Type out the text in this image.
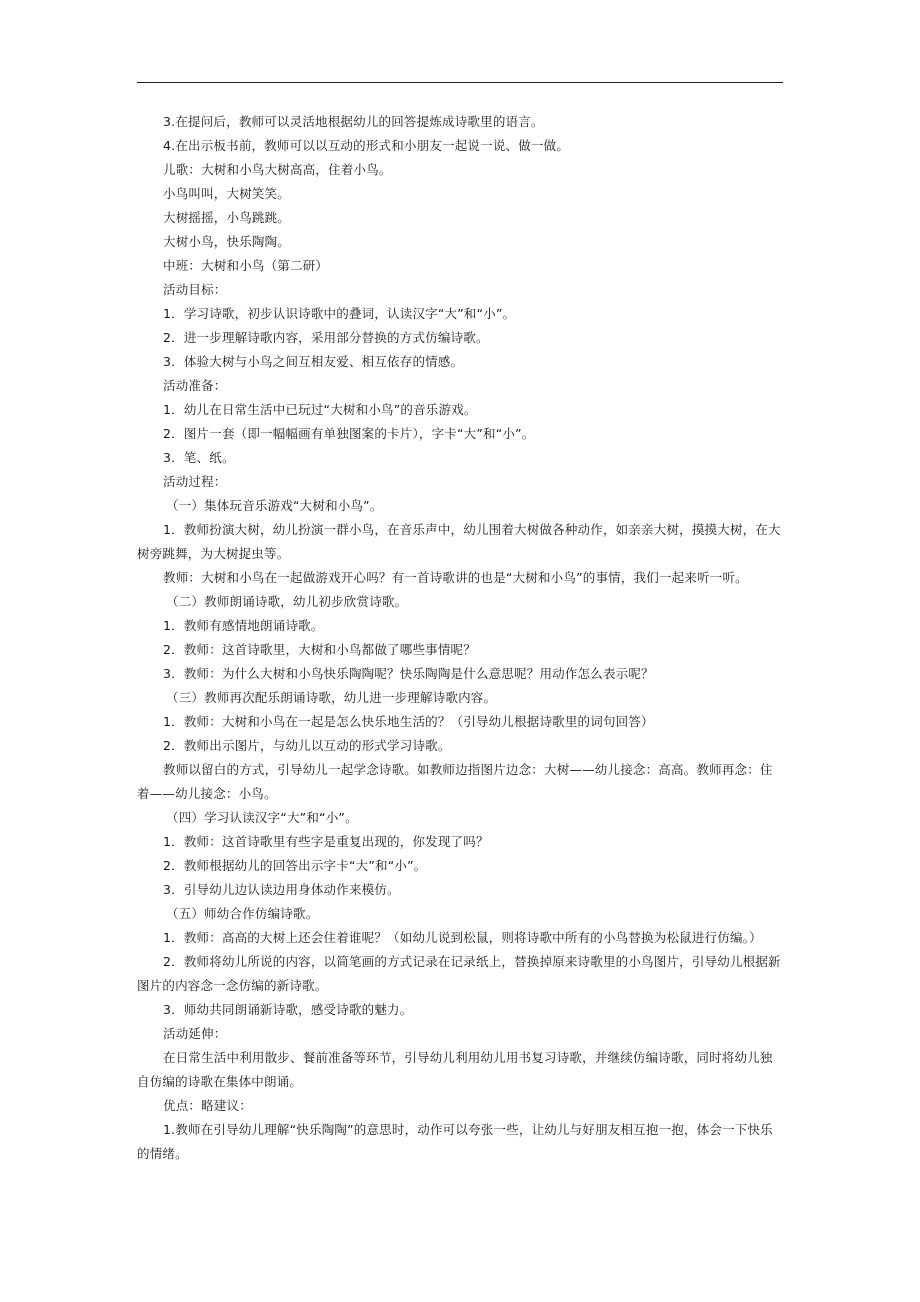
3.在提问后，教师可以灵活地根据幼儿的回答提炼成诗歌里的语言。
4.在出示板书前，教师可以以互动的形式和小朋友一起说一说、做一做。
儿歌：大树和小鸟大树高高，住着小鸟。
小鸟叫叫，大树笑笑。
大树摇摇，小鸟跳跳。
大树小鸟，快乐陶陶。
中班：大树和小鸟（第二研）
活动目标：
1．学习诗歌，初步认识诗歌中的叠词，认读汉字“大”和“小”。
2．进一步理解诗歌内容，采用部分替换的方式仿编诗歌。
3．体验大树与小鸟之间互相友爱、相互依存的情感。
活动准备：
1．幼儿在日常生活中已玩过“大树和小鸟”的音乐游戏。
2．图片一套（即一幅幅画有单独图案的卡片），字卡“大”和“小”。
3．笔、纸。
活动过程：
（一）集体玩音乐游戏“大树和小鸟”。
1．教师扮演大树，幼儿扮演一群小鸟，在音乐声中，幼儿围着大树做各种动作，如亲亲大树，摸摸大树，在大树旁跳舞，为大树捉虫等。
教师：大树和小鸟在一起做游戏开心吗？有一首诗歌讲的也是“大树和小鸟”的事情，我们一起来听一听。
（二）教师朗诵诗歌，幼儿初步欣赏诗歌。
1．教师有感情地朗诵诗歌。
2．教师：这首诗歌里，大树和小鸟都做了哪些事情呢？
3．教师：为什么大树和小鸟快乐陶陶呢？快乐陶陶是什么意思呢？用动作怎么表示呢？
（三）教师再次配乐朗诵诗歌，幼儿进一步理解诗歌内容。
1．教师：大树和小鸟在一起是怎么快乐地生活的？（引导幼儿根据诗歌里的词句回答）
2．教师出示图片，与幼儿以互动的形式学习诗歌。
教师以留白的方式，引导幼儿一起学念诗歌。如教师边指图片边念：大树——幼儿接念：高高。教师再念：住着——幼儿接念：小鸟。
（四）学习认读汉字“大”和“小”。
1．教师：这首诗歌里有些字是重复出现的，你发现了吗？
2．教师根据幼儿的回答出示字卡“大”和“小”。
3．引导幼儿边认读边用身体动作来模仿。
（五）师幼合作仿编诗歌。
1．教师：高高的大树上还会住着谁呢？（如幼儿说到松鼠，则将诗歌中所有的小鸟替换为松鼠进行仿编。）
2．教师将幼儿所说的内容，以简笔画的方式记录在记录纸上，替换掉原来诗歌里的小鸟图片，引导幼儿根据新图片的内容念一念仿编的新诗歌。
3．师幼共同朗诵新诗歌，感受诗歌的魅力。
活动延伸：
在日常生活中利用散步、餐前准备等环节，引导幼儿利用幼儿用书复习诗歌，并继续仿编诗歌，同时将幼儿独自仿编的诗歌在集体中朗诵。
优点：略建议：
1.教师在引导幼儿理解“快乐陶陶”的意思时，动作可以夸张一些，让幼儿与好朋友相互抱一抱，体会一下快乐的情绪。
